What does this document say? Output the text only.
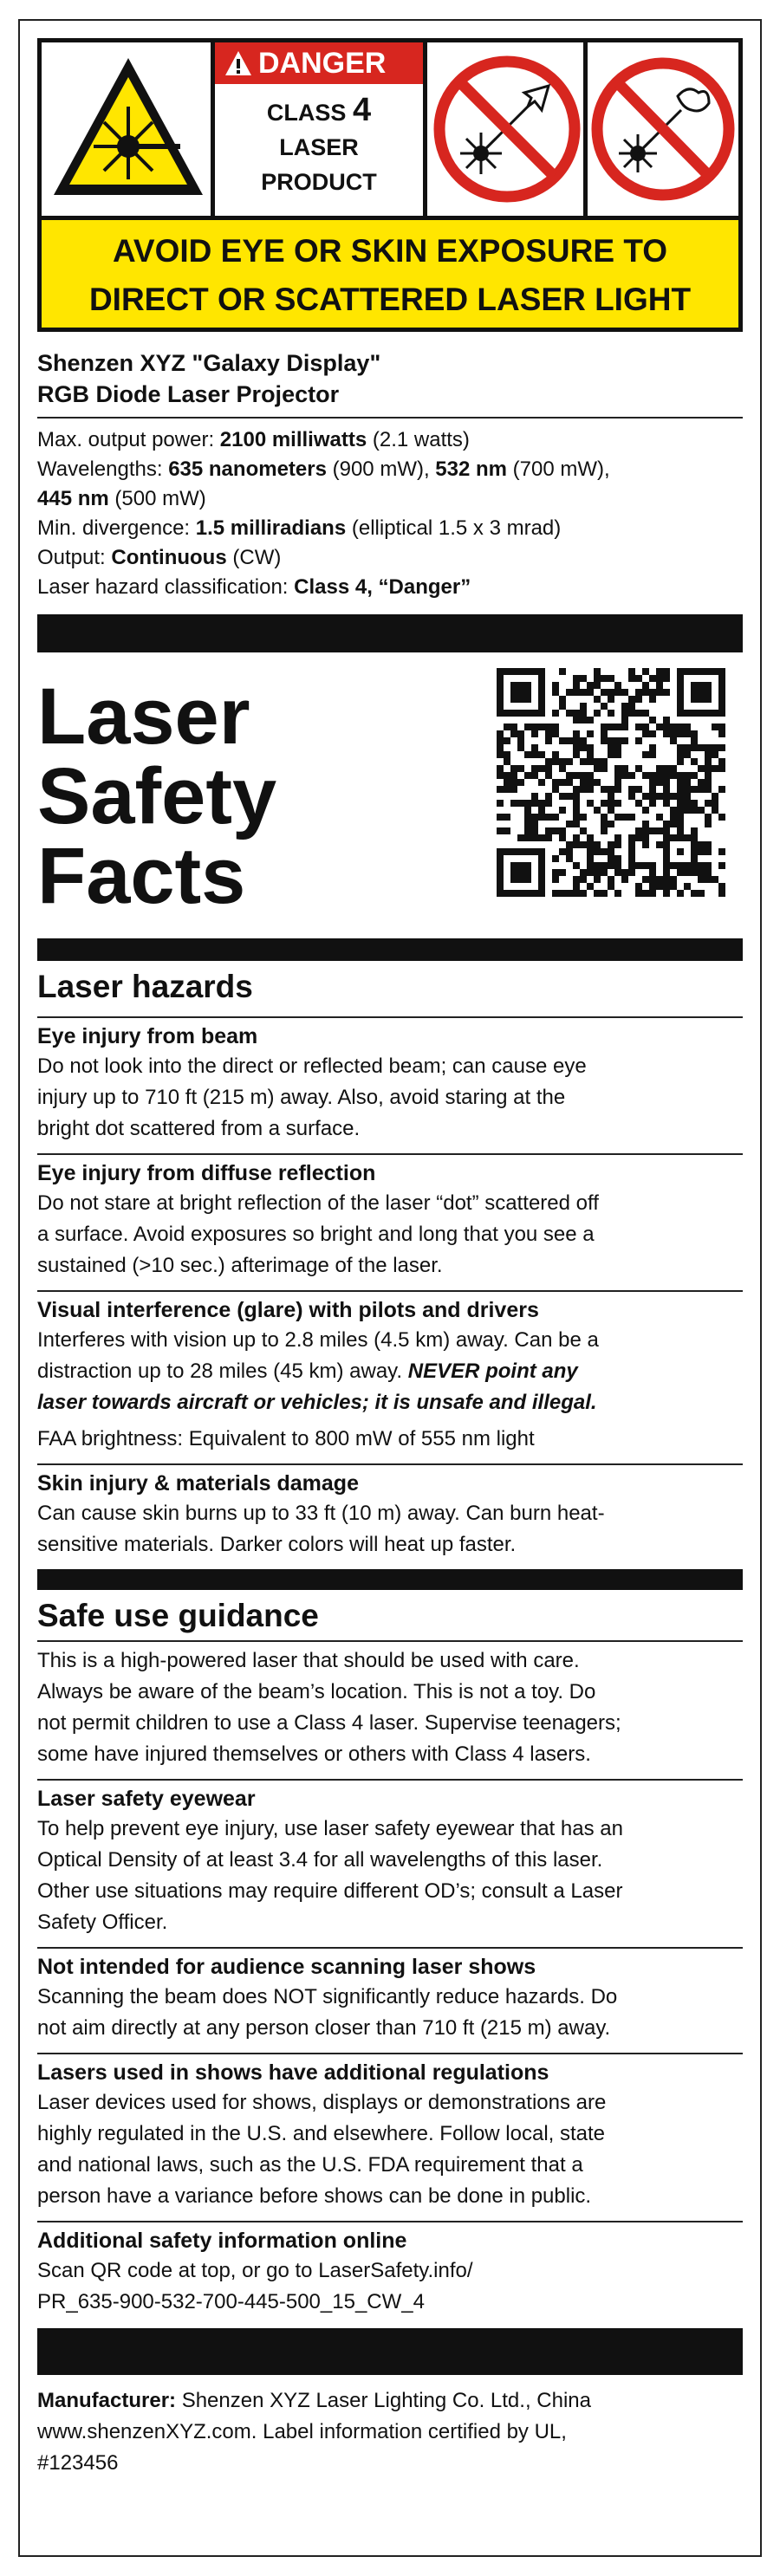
DANGER
CLASS 4
LASER
PRODUCT
AVOID EYE OR SKIN EXPOSURE TO
DIRECT OR SCATTERED LASER LIGHT
Shenzen XYZ "Galaxy Display"
RGB Diode Laser Projector
Max. output power: 2100 milliwatts (2.1 watts)
Wavelengths: 635 nanometers (900 mW), 532 nm (700 mW),
445 nm (500 mW)
Min. divergence: 1.5 milliradians (elliptical 1.5 x 3 mrad)
Output: Continuous (CW)
Laser hazard classification: Class 4, “Danger”
Laser
Safety
Facts
Laser hazards
Eye injury from beam
Do not look into the direct or reflected beam; can cause eye
injury up to 710 ft (215 m) away. Also, avoid staring at the
bright dot scattered from a surface.
Eye injury from diffuse reflection
Do not stare at bright reflection of the laser “dot” scattered off
a surface. Avoid exposures so bright and long that you see a
sustained (>10 sec.) afterimage of the laser.
Visual interference (glare) with pilots and drivers
Interferes with vision up to 2.8 miles (4.5 km) away. Can be a
distraction up to 28 miles (45 km) away. NEVER point any
laser towards aircraft or vehicles; it is unsafe and illegal.
FAA brightness: Equivalent to 800 mW of 555 nm light
Skin injury & materials damage
Can cause skin burns up to 33 ft (10 m) away. Can burn heat-
sensitive materials. Darker colors will heat up faster.
Safe use guidance
This is a high-powered laser that should be used with care.
Always be aware of the beam’s location. This is not a toy. Do
not permit children to use a Class 4 laser. Supervise teenagers;
some have injured themselves or others with Class 4 lasers.
Laser safety eyewear
To help prevent eye injury, use laser safety eyewear that has an
Optical Density of at least 3.4 for all wavelengths of this laser.
Other use situations may require different OD’s; consult a Laser
Safety Officer.
Not intended for audience scanning laser shows
Scanning the beam does NOT significantly reduce hazards. Do
not aim directly at any person closer than 710 ft (215 m) away.
Lasers used in shows have additional regulations
Laser devices used for shows, displays or demonstrations are
highly regulated in the U.S. and elsewhere. Follow local, state
and national laws, such as the U.S. FDA requirement that a
person have a variance before shows can be done in public.
Additional safety information online
Scan QR code at top, or go to LaserSafety.info/
PR_635-900-532-700-445-500_15_CW_4
Manufacturer: Shenzen XYZ Laser Lighting Co. Ltd., China
www.shenzenXYZ.com. Label information certified by UL,
#123456
